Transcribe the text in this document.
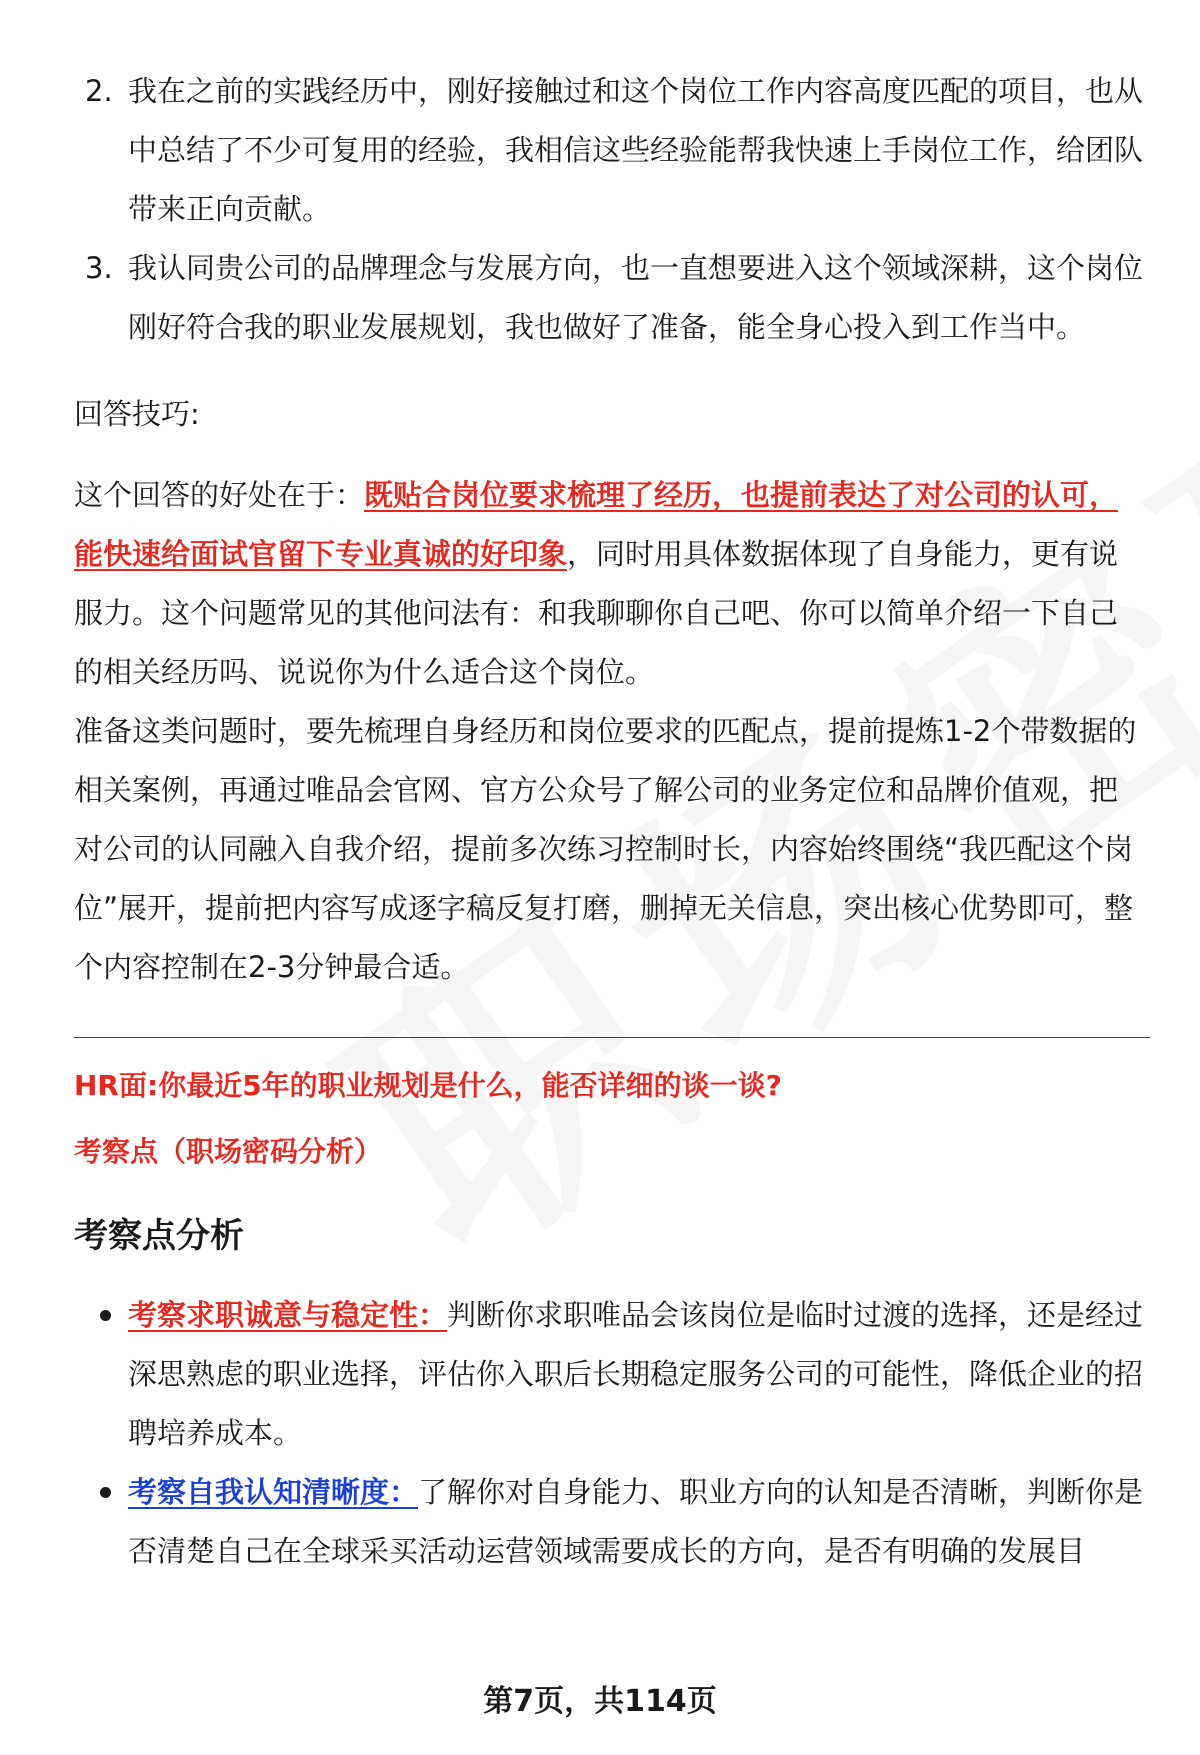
2. 我在之前的实践经历中，刚好接触过和这个岗位工作内容高度匹配的项目，也从中总结了不少可复用的经验，我相信这些经验能帮我快速上手岗位工作，给团队带来正向贡献。
3. 我认同贵公司的品牌理念与发展方向，也一直想要进入这个领域深耕，这个岗位刚好符合我的职业发展规划，我也做好了准备，能全身心投入到工作当中。

回答技巧:

这个回答的好处在于：既贴合岗位要求梳理了经历，也提前表达了对公司的认可，能快速给面试官留下专业真诚的好印象，同时用具体数据体现了自身能力，更有说服力。这个问题常见的其他问法有：和我聊聊你自己吧、你可以简单介绍一下自己的相关经历吗、说说你为什么适合这个岗位。

准备这类问题时，要先梳理自身经历和岗位要求的匹配点，提前提炼1-2个带数据的相关案例，再通过唯品会官网、官方公众号了解公司的业务定位和品牌价值观，把对公司的认同融入自我介绍，提前多次练习控制时长，内容始终围绕“我匹配这个岗位”展开，提前把内容写成逐字稿反复打磨，删掉无关信息，突出核心优势即可，整个内容控制在2-3分钟最合适。

HR面:你最近5年的职业规划是什么，能否详细的谈一谈?

考察点（职场密码分析）

考察点分析
考察求职诚意与稳定性：判断你求职唯品会该岗位是临时过渡的选择，还是经过深思熟虑的职业选择，评估你入职后长期稳定服务公司的可能性，降低企业的招聘培养成本。
考察自我认知清晰度：了解你对自身能力、职业方向的认知是否清晰，判断你是否清楚自己在全球采买活动运营领域需要成长的方向，是否有明确的发展目
第7页，共114页
